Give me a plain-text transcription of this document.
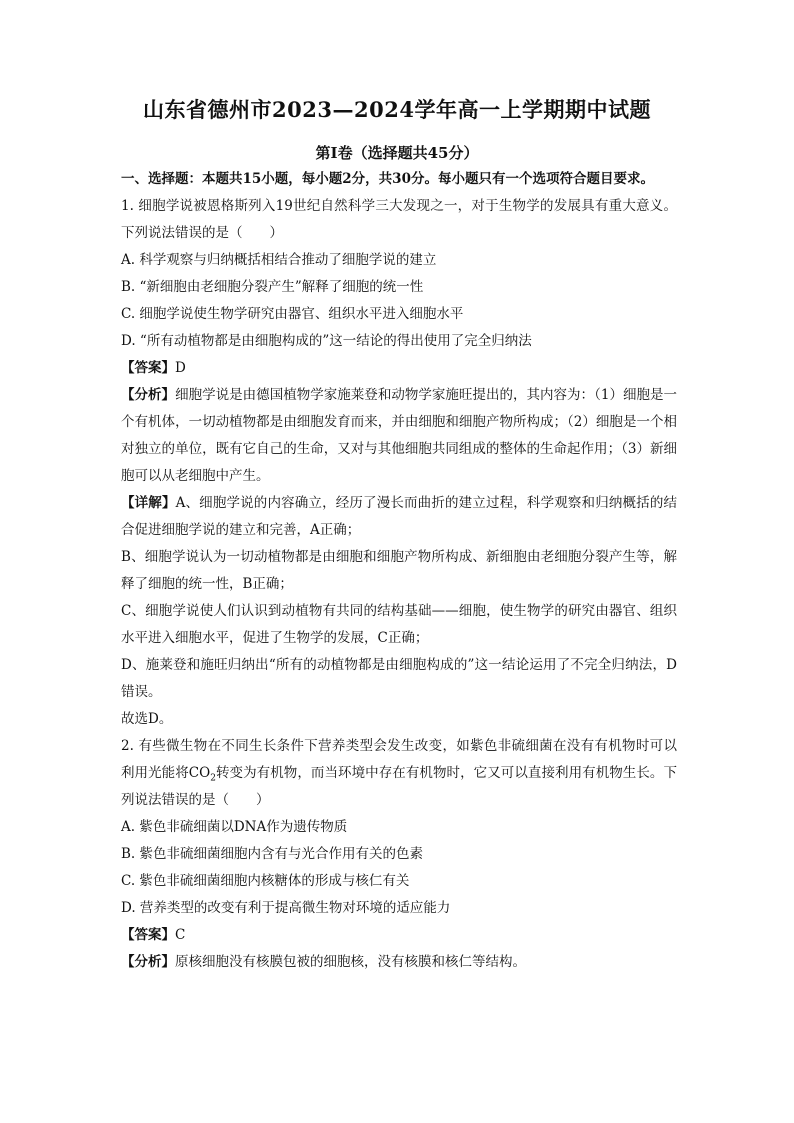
山东省德州市2023—2024学年高一上学期期中试题
第I卷（选择题共45分）

一、选择题：本题共15小题，每小题2分，共30分。每小题只有一个选项符合题目要求。

1. 细胞学说被恩格斯列入19世纪自然科学三大发现之一，对于生物学的发展具有重大意义。下列说法错误的是（　　）

A. 科学观察与归纳概括相结合推动了细胞学说的建立

B. “新细胞由老细胞分裂产生”解释了细胞的统一性

C. 细胞学说使生物学研究由器官、组织水平进入细胞水平

D. “所有动植物都是由细胞构成的”这一结论的得出使用了完全归纳法

【答案】D

【分析】细胞学说是由德国植物学家施莱登和动物学家施旺提出的，其内容为：（1）细胞是一个有机体，一切动植物都是由细胞发育而来，并由细胞和细胞产物所构成；（2）细胞是一个相对独立的单位，既有它自己的生命，又对与其他细胞共同组成的整体的生命起作用；（3）新细胞可以从老细胞中产生。

【详解】A、细胞学说的内容确立，经历了漫长而曲折的建立过程，科学观察和归纳概括的结合促进细胞学说的建立和完善，A正确；

B、细胞学说认为一切动植物都是由细胞和细胞产物所构成、新细胞由老细胞分裂产生等，解释了细胞的统一性，B正确；

C、细胞学说使人们认识到动植物有共同的结构基础——细胞，使生物学的研究由器官、组织水平进入细胞水平，促进了生物学的发展，C正确；

D、施莱登和施旺归纳出“所有的动植物都是由细胞构成的”这一结论运用了不完全归纳法，D错误。

故选D。

2. 有些微生物在不同生长条件下营养类型会发生改变，如紫色非硫细菌在没有有机物时可以利用光能将$CO_2$转变为有机物，而当环境中存在有机物时，它又可以直接利用有机物生长。下列说法错误的是（　　）

A. 紫色非硫细菌以DNA作为遗传物质

B. 紫色非硫细菌细胞内含有与光合作用有关的色素

C. 紫色非硫细菌细胞内核糖体的形成与核仁有关

D. 营养类型的改变有利于提高微生物对环境的适应能力

【答案】C

【分析】原核细胞没有核膜包被的细胞核，没有核膜和核仁等结构。
